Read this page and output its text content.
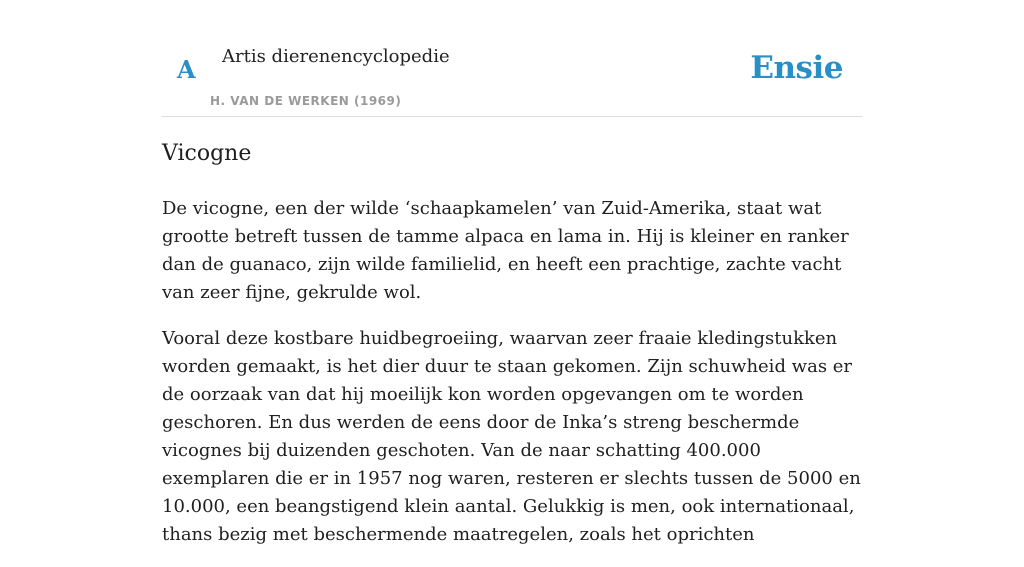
A Artis dierenencyclopedie
H. VAN DE WERKEN (1969)
Ensie
Vicogne

De vicogne, een der wilde ‘schaapkamelen’ van Zuid-Amerika, staat wat grootte betreft tussen de tamme alpaca en lama in. Hij is kleiner en ranker dan de guanaco, zijn wilde familielid, en heeft een prachtige, zachte vacht van zeer fijne, gekrulde wol.

Vooral deze kostbare huidbegroeiing, waarvan zeer fraaie kledingstukken worden gemaakt, is het dier duur te staan gekomen. Zijn schuwheid was er de oorzaak van dat hij moeilijk kon worden opgevangen om te worden geschoren. En dus werden de eens door de Inka’s streng beschermde vicognes bij duizenden geschoten. Van de naar schatting 400.000 exemplaren die er in 1957 nog waren, resteren er slechts tussen de 5000 en 10.000, een beangstigend klein aantal. Gelukkig is men, ook internationaal, thans bezig met beschermende maatregelen, zoals het oprichten
